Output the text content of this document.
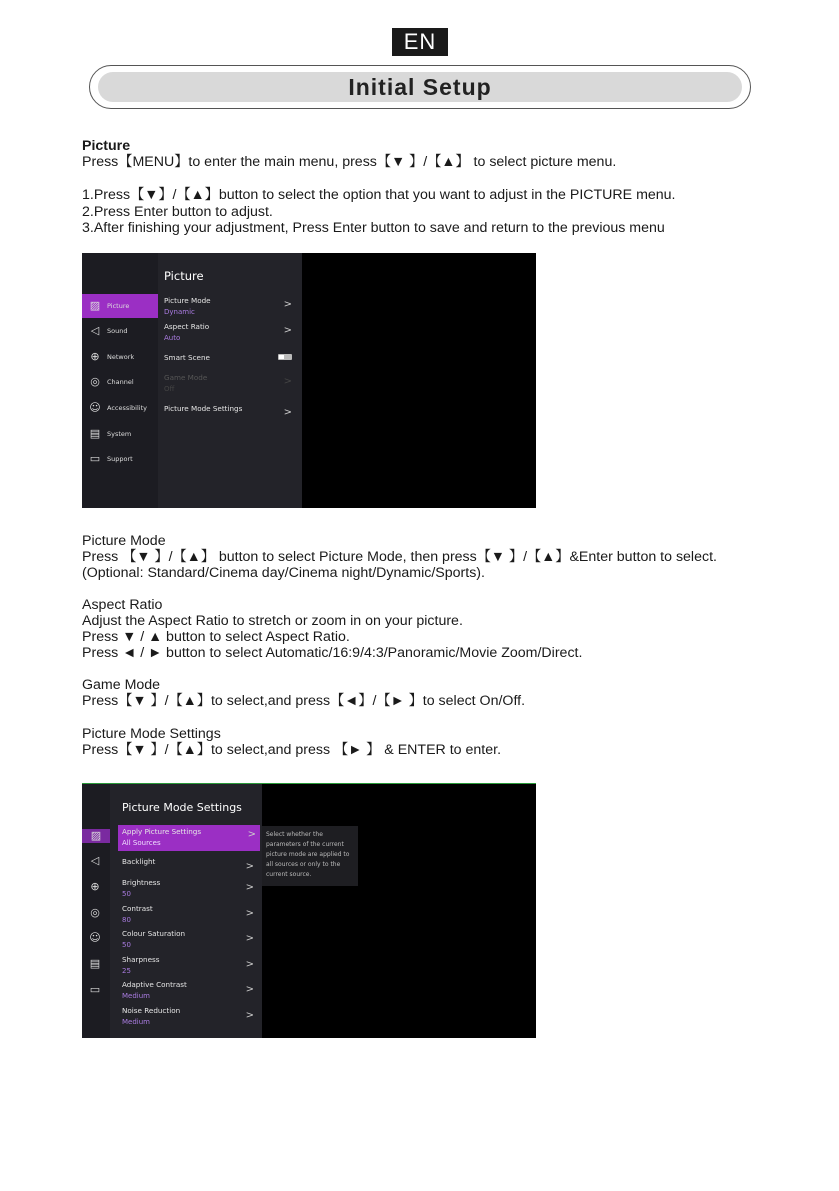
EN
Initial Setup
Picture
Press【MENU】to enter the main menu, press【▼ 】/【▲】 to select picture menu.
1.Press【▼】/【▲】button to select the option that you want to adjust in the PICTURE menu.
2.Press Enter button to adjust.
3.After finishing your adjustment, Press Enter button to save and return to the previous menu
▨ Picture
◁	Sound
⊕	Network
◎	Channel
☺ Accessibility
▤ System
▭ Support
Picture
Picture Mode
Dynamic
>
Aspect Ratio
Auto
>
Smart Scene
Game Mode
Off
>
Picture Mode Settings	>
Picture Mode
Press 【▼ 】/【▲】 button to select Picture Mode, then press【▼ 】/【▲】&Enter button to select.
(Optional: Standard/Cinema day/Cinema night/Dynamic/Sports).
Aspect Ratio
Adjust the Aspect Ratio to stretch or zoom in on your picture.
Press ▼ / ▲ button to select Aspect Ratio.
Press ◄ / ► button to select Automatic/16:9/4:3/Panoramic/Movie Zoom/Direct.
Game Mode
Press【▼ 】/【▲】to select,and press【◄】/【► 】to select On/Off.
Picture Mode Settings
Press【▼ 】/【▲】to select,and press 【► 】 & ENTER to enter.
▨
◁
⊕
◎
☺
▤
▭
Picture Mode Settings
Apply Picture Settings
All Sources
>
Backlight	>
Brightness
50
>
Contrast
80
>
Colour Saturation
50
>
Sharpness
25
>
Adaptive Contrast
Medium
>
Noise Reduction
Medium
>
Select whether the parameters of the current picture mode are applied to all sources or only to the current source.
